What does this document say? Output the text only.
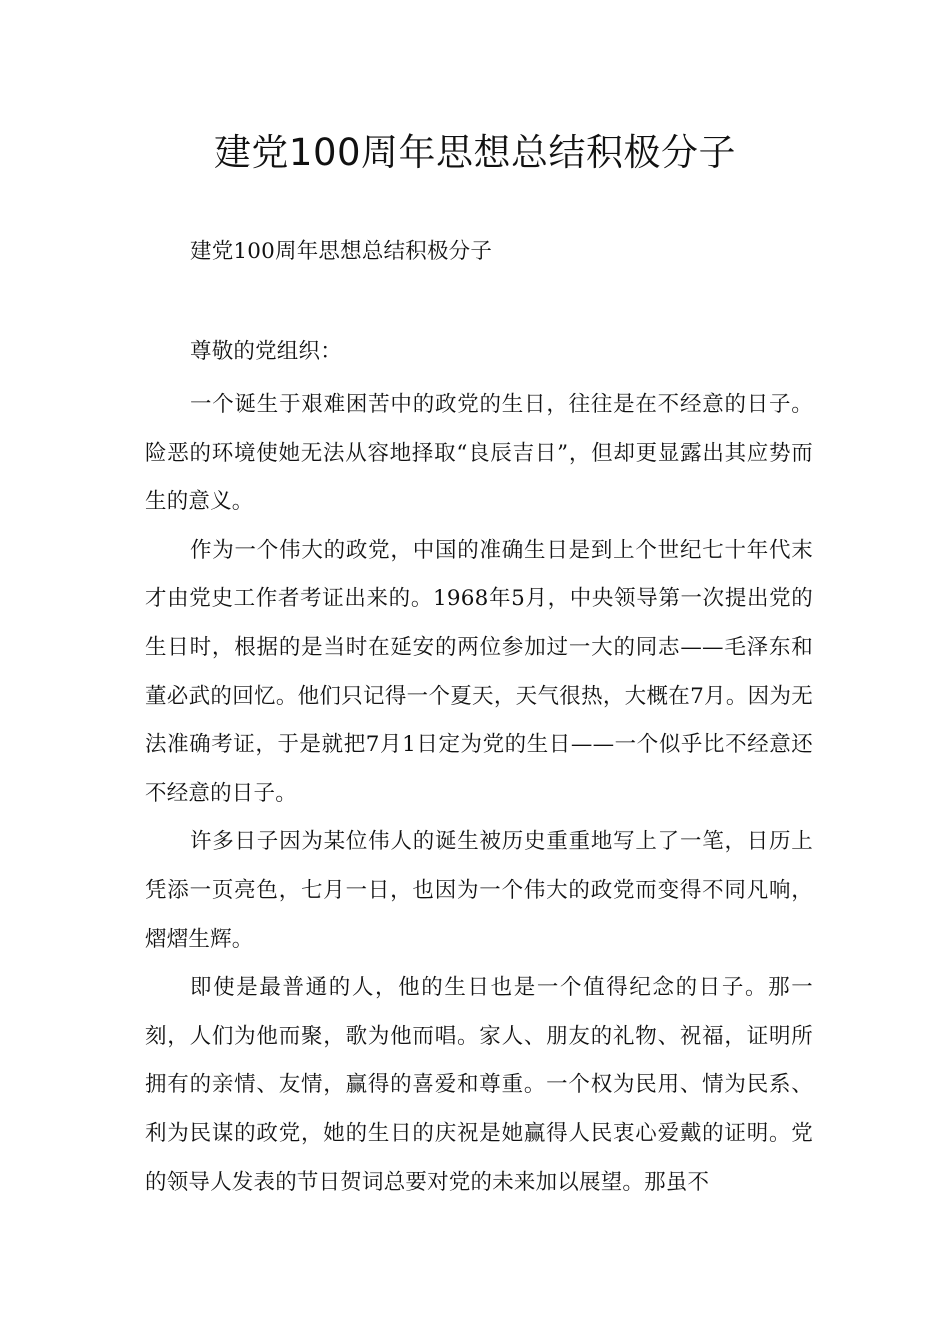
建党100周年思想总结积极分子
建党100周年思想总结积极分子
尊敬的党组织：

一个诞生于艰难困苦中的政党的生日，往往是在不经意的日子。险恶的环境使她无法从容地择取“良辰吉日”，但却更显露出其应势而生的意义。

作为一个伟大的政党，中国的准确生日是到上个世纪七十年代末才由党史工作者考证出来的。1968年5月，中央领导第一次提出党的生日时，根据的是当时在延安的两位参加过一大的同志——毛泽东和董必武的回忆。他们只记得一个夏天，天气很热，大概在7月。因为无法准确考证，于是就把7月1日定为党的生日——一个似乎比不经意还不经意的日子。

许多日子因为某位伟人的诞生被历史重重地写上了一笔，日历上凭添一页亮色，七月一日，也因为一个伟大的政党而变得不同凡响，熠熠生辉。

即使是最普通的人，他的生日也是一个值得纪念的日子。那一刻，人们为他而聚，歌为他而唱。家人、朋友的礼物、祝福，证明所拥有的亲情、友情，赢得的喜爱和尊重。一个权为民用、情为民系、利为民谋的政党，她的生日的庆祝是她赢得人民衷心爱戴的证明。党的领导人发表的节日贺词总要对党的未来加以展望。那虽不
